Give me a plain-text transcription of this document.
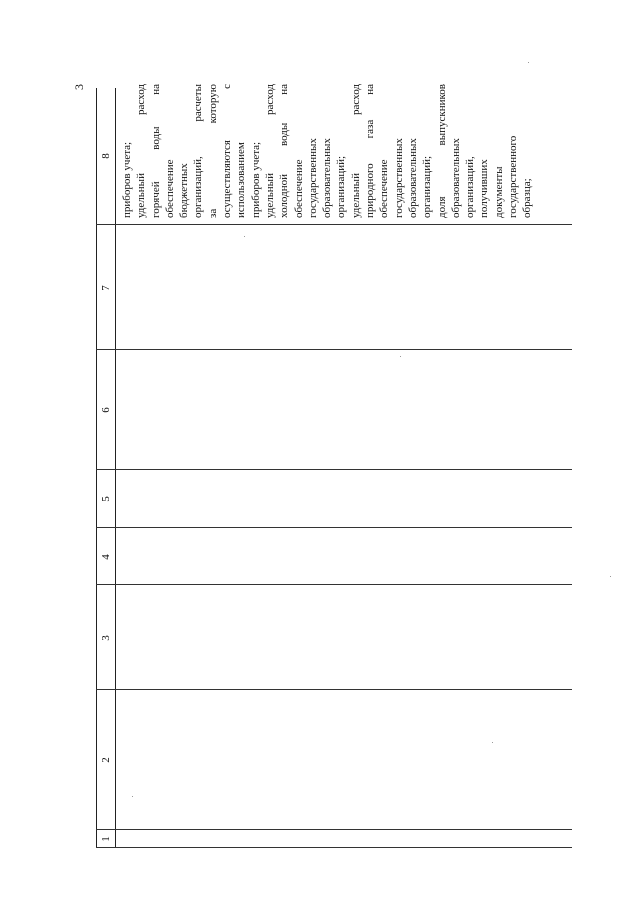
3
1
2
3
4
5
6
7
8 приборов учета; удельный расход горячей воды на обеспечение бюджетных организаций, расчеты за которую осуществляются с использованием приборов учета; удельный расход холодной воды на обеспечение государственных образовательных организаций; удельный расход природного газа на обеспечение государственных образовательных организаций; доля выпускников образовательных организаций, получивших документы государственного образца;
